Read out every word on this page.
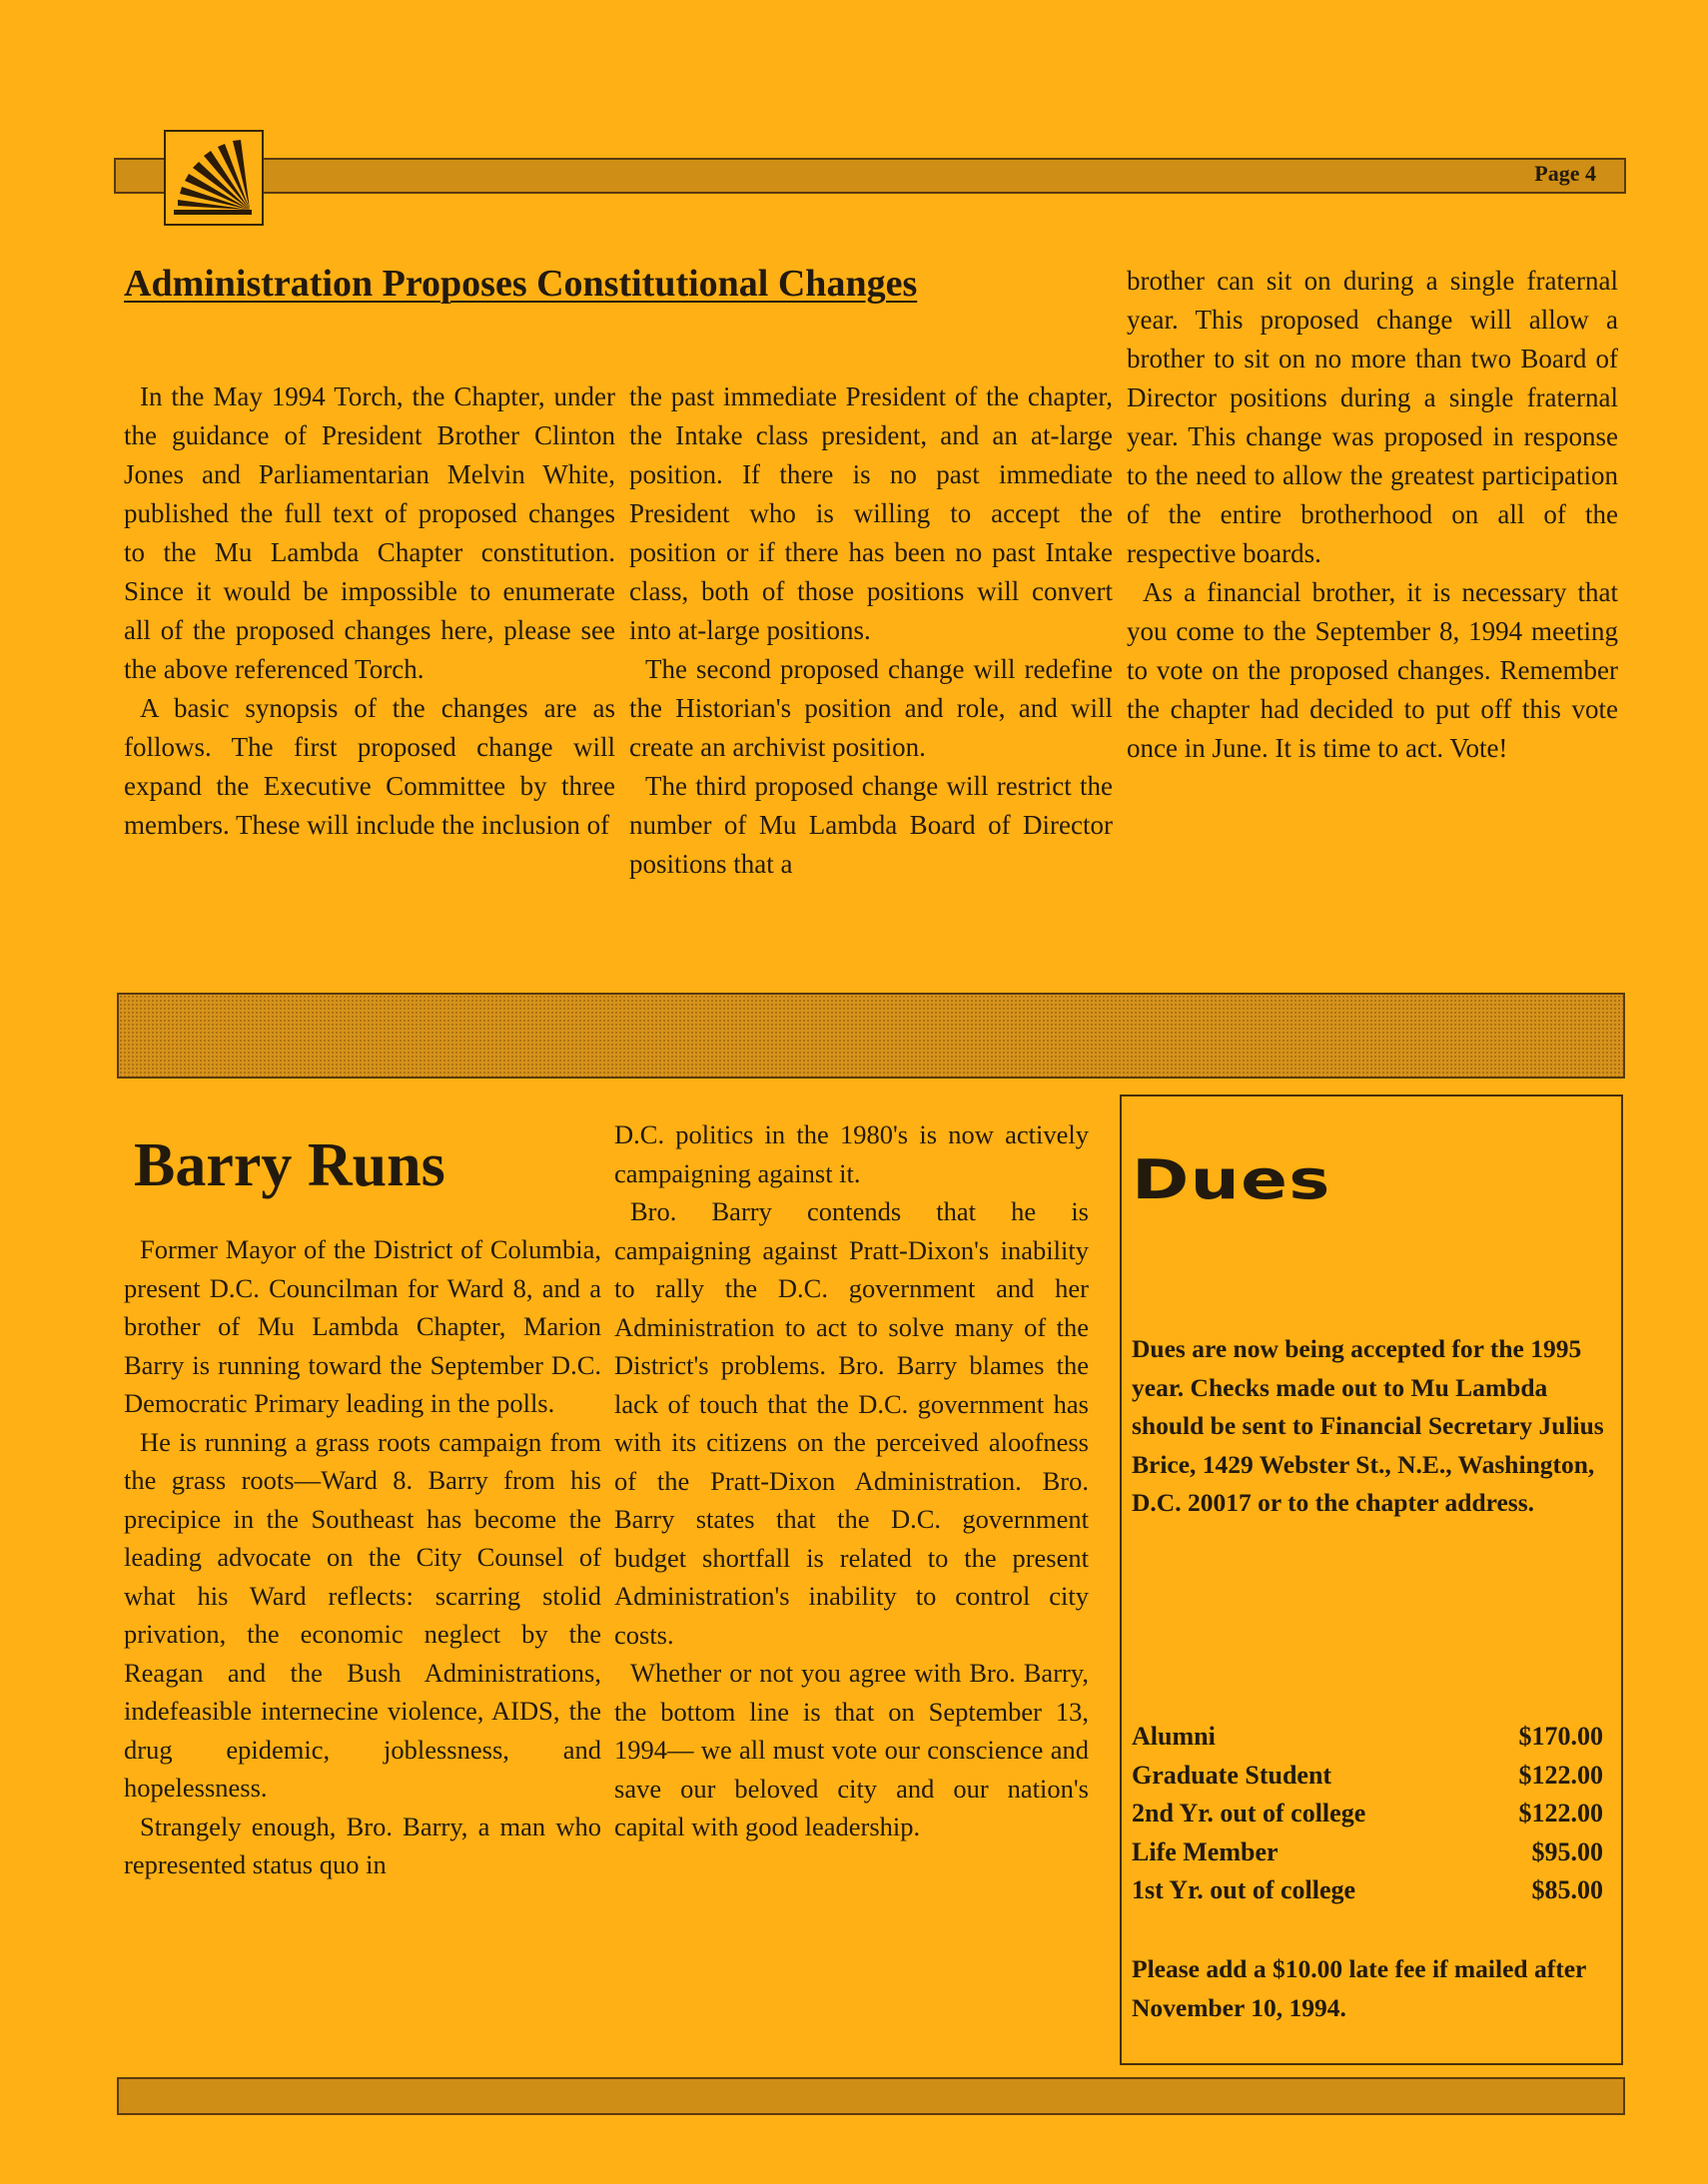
Page 4
Administration Proposes Constitutional Changes

In the May 1994 Torch, the Chapter, under the guidance of President Brother Clinton Jones and Parliamentarian Melvin White, published the full text of proposed changes to the Mu Lambda Chapter constitution. Since it would be impossible to enumerate all of the proposed changes here, please see the above referenced Torch.

A basic synopsis of the changes are as follows. The first proposed change will expand the Executive Committee by three members. These will include the inclusion of

the past immediate President of the chapter, the Intake class president, and an at-large position. If there is no past immediate President who is willing to accept the position or if there has been no past Intake class, both of those positions will convert into at-large positions.

The second proposed change will redefine the Historian's position and role, and will create an archivist position.

The third proposed change will restrict the number of Mu Lambda Board of Director positions that a

brother can sit on during a single fraternal year. This proposed change will allow a brother to sit on no more than two Board of Director positions during a single fraternal year. This change was proposed in response to the need to allow the greatest participation of the entire brotherhood on all of the respective boards.

As a financial brother, it is necessary that you come to the September 8, 1994 meeting to vote on the proposed changes. Remember the chapter had decided to put off this vote once in June. It is time to act. Vote!

Barry Runs

Former Mayor of the District of Columbia, present D.C. Councilman for Ward 8, and a brother of Mu Lambda Chapter, Marion Barry is running toward the September D.C. Democratic Primary leading in the polls.

He is running a grass roots campaign from the grass roots—Ward 8. Barry from his precipice in the Southeast has become the leading advocate on the City Counsel of what his Ward reflects: scarring stolid privation, the economic neglect by the Reagan and the Bush Administrations, indefeasible internecine violence, AIDS, the drug epidemic, joblessness, and hopelessness.

Strangely enough, Bro. Barry, a man who represented status quo in

D.C. politics in the 1980's is now actively campaigning against it.

Bro. Barry contends that he is campaigning against Pratt-Dixon's inability to rally the D.C. government and her Administration to act to solve many of the District's problems. Bro. Barry blames the lack of touch that the D.C. government has with its citizens on the perceived aloofness of the Pratt-Dixon Administration. Bro. Barry states that the D.C. government budget shortfall is related to the present Administration's inability to control city costs.

Whether or not you agree with Bro. Barry, the bottom line is that on September 13, 1994— we all must vote our conscience and save our beloved city and our nation's capital with good leadership.

Dues
Dues are now being accepted for the 1995 year. Checks made out to Mu Lambda should be sent to Financial Secretary Julius Brice, 1429 Webster St., N.E., Washington, D.C. 20017 or to the chapter address.
Alumni	$170.00
Graduate Student	$122.00
2nd Yr. out of college	$122.00
Life Member	$95.00
1st Yr. out of college	$85.00
Please add a $10.00 late fee if mailed after November 10, 1994.
